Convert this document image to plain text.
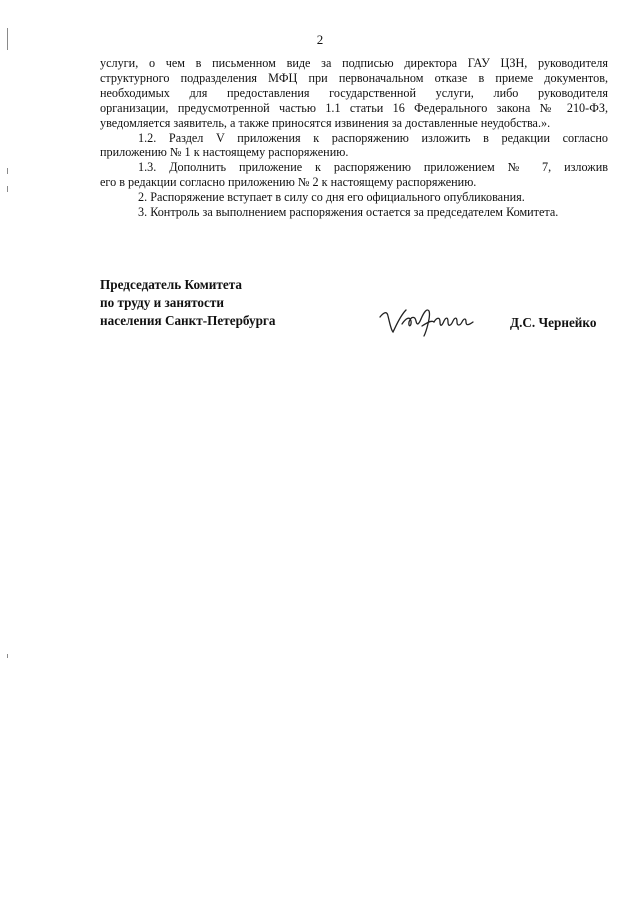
2
услуги, о чем в письменном виде за подписью директора ГАУ ЦЗН, руководителя
структурного подразделения МФЦ при первоначальном отказе в приеме документов,
необходимых для предоставления государственной услуги, либо руководителя
организации, предусмотренной частью 1.1 статьи 16 Федерального закона № 210-ФЗ,
уведомляется заявитель, а также приносятся извинения за доставленные неудобства.».
1.2. Раздел V приложения к распоряжению изложить в редакции согласно
приложению № 1 к настоящему распоряжению.
1.3. Дополнить приложение к распоряжению приложением № 7, изложив
его в редакции согласно приложению № 2 к настоящему распоряжению.
2. Распоряжение вступает в силу со дня его официального опубликования.
3. Контроль за выполнением распоряжения остается за председателем Комитета.
Председатель Комитета
по труду и занятости
населения Санкт-Петербурга	Д.С. Чернейко
